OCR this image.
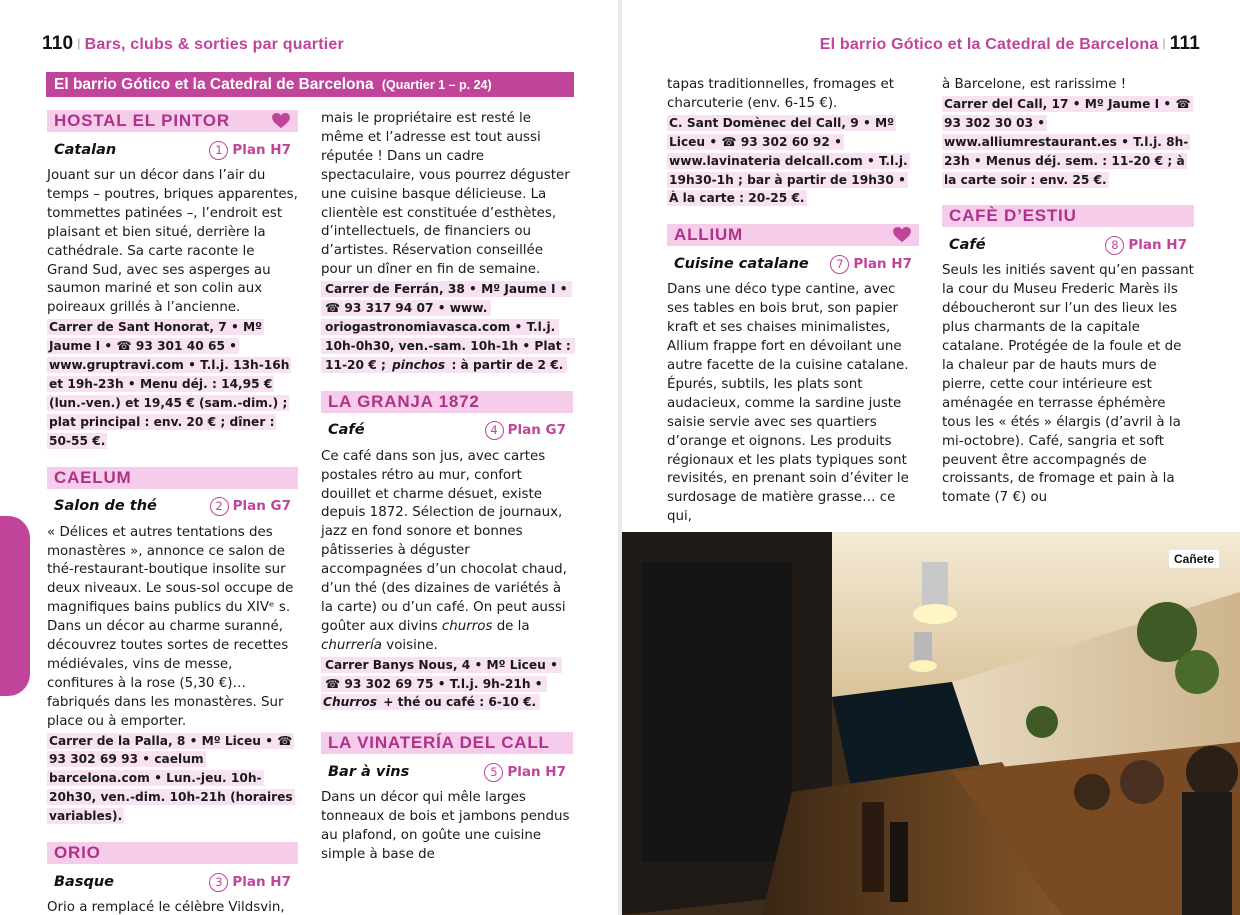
110 | Bars, clubs & sorties par quartier
El barrio Gótico et la Catedral de Barcelona (Quartier 1 – p. 24)
HOSTAL EL PINTOR
Catalan	1 Plan H7

Jouant sur un décor dans l’air du temps – poutres, briques apparentes, tommettes patinées –, l’endroit est plaisant et bien situé, derrière la cathédrale. Sa carte raconte le Grand Sud, avec ses asperges au saumon mariné et son colin aux poireaux grillés à l’ancienne.

Carrer de Sant Honorat, 7 • Mº Jaume I • ☎ 93 301 40 65 • www.gruptravi.com • T.l.j. 13h-16h et 19h-23h • Menu déj. : 14,95 € (lun.-ven.) et 19,45 € (sam.-dim.) ; plat principal : env. 20 € ; dîner : 50-55 €.

CAELUM
Salon de thé	2 Plan G7

« Délices et autres tentations des monastères », annonce ce salon de thé-restaurant-boutique insolite sur deux niveaux. Le sous-sol occupe de magnifiques bains publics du XIVᵉ s. Dans un décor au charme suranné, découvrez toutes sortes de recettes médiévales, vins de messe, confitures à la rose (5,30 €)… fabriqués dans les monastères. Sur place ou à emporter.

Carrer de la Palla, 8 • Mº Liceu • ☎ 93 302 69 93 • caelum barcelona.com • Lun.-jeu. 10h-20h30, ven.-dim. 10h-21h (horaires variables).

ORIO
Basque	3 Plan H7

Orio a remplacé le célèbre Vildsvin,

mais le propriétaire est resté le même et l’adresse est tout aussi réputée ! Dans un cadre spectaculaire, vous pourrez déguster une cuisine basque délicieuse. La clientèle est constituée d’esthètes, d’intellectuels, de financiers ou d’artistes. Réservation conseillée pour un dîner en fin de semaine.

Carrer de Ferrán, 38 • Mº Jaume I • ☎ 93 317 94 07 • www. oriogastronomiavasca.com • T.l.j. 10h-0h30, ven.-sam. 10h-1h • Plat : 11-20 € ; pinchos : à partir de 2 €.

LA GRANJA 1872
Café	4 Plan G7

Ce café dans son jus, avec cartes postales rétro au mur, confort douillet et charme désuet, existe depuis 1872. Sélection de journaux, jazz en fond sonore et bonnes pâtisseries à déguster accompagnées d’un chocolat chaud, d’un thé (des dizaines de variétés à la carte) ou d’un café. On peut aussi goûter aux divins churros de la churrería voisine.

Carrer Banys Nous, 4 • Mº Liceu • ☎ 93 302 69 75 • T.l.j. 9h-21h • Churros + thé ou café : 6-10 €.

LA VINATERÍA DEL CALL
Bar à vins	5 Plan H7

Dans un décor qui mêle larges tonneaux de bois et jambons pendus au plafond, on goûte une cuisine simple à base de

El barrio Gótico et la Catedral de Barcelona | 111

tapas traditionnelles, fromages et charcuterie (env. 6-15 €).

C. Sant Domènec del Call, 9 • Mº Liceu • ☎ 93 302 60 92 • www.lavinateria delcall.com • T.l.j. 19h30-1h ; bar à partir de 19h30 • À la carte : 20-25 €.

ALLIUM
Cuisine catalane	7 Plan H7

Dans une déco type cantine, avec ses tables en bois brut, son papier kraft et ses chaises minimalistes, Allium frappe fort en dévoilant une autre facette de la cuisine catalane. Épurés, subtils, les plats sont audacieux, comme la sardine juste saisie servie avec ses quartiers d’orange et oignons. Les produits régionaux et les plats typiques sont revisités, en prenant soin d’éviter le surdosage de matière grasse… ce qui,

à Barcelone, est rarissime !

Carrer del Call, 17 • Mº Jaume I • ☎ 93 302 30 03 • www.alliumrestaurant.es • T.l.j. 8h-23h • Menus déj. sem. : 11-20 € ; à la carte soir : env. 25 €.

CAFÈ D’ESTIU
Café	8 Plan H7

Seuls les initiés savent qu’en passant la cour du Museu Frederic Marès ils déboucheront sur l’un des lieux les plus charmants de la capitale catalane. Protégée de la foule et de la chaleur par de hauts murs de pierre, cette cour intérieure est aménagée en terrasse éphémère tous les « étés » élargis (d’avril à la mi-octobre). Café, sangria et soft peuvent être accompagnés de croissants, de fromage et pain à la tomate (7 €) ou

Cañete
